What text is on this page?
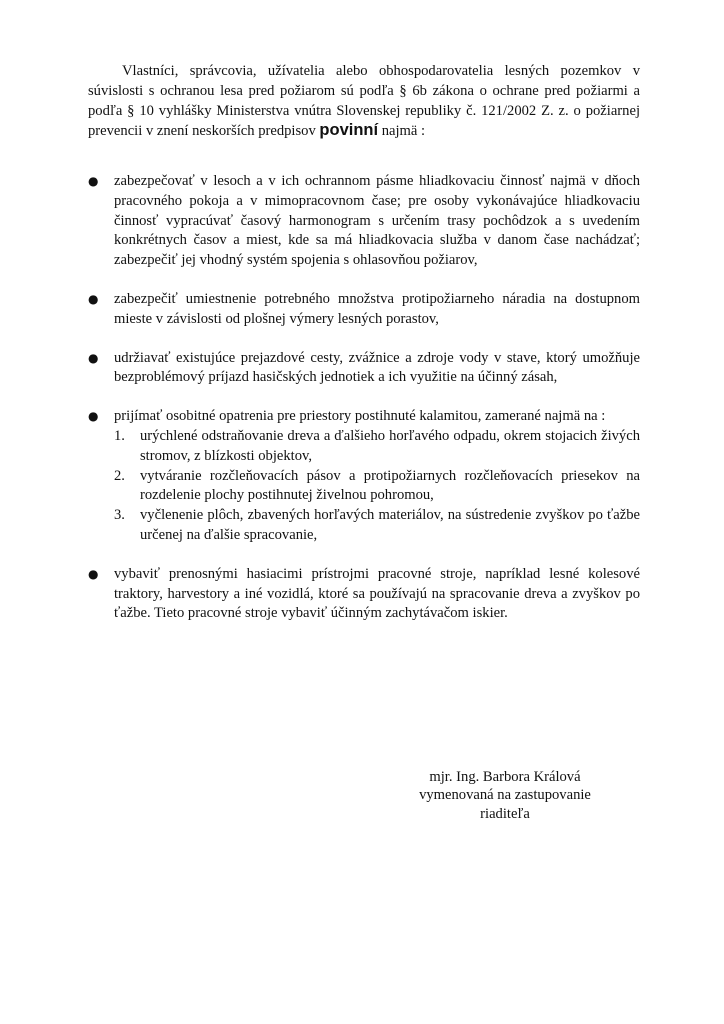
Vlastníci, správcovia, užívatelia alebo obhospodarovatelia lesných pozemkov v súvislosti s ochranou lesa pred požiarom sú podľa § 6b zákona o ochrane pred požiarmi a podľa § 10 vyhlášky Ministerstva vnútra Slovenskej republiky č. 121/2002 Z. z. o požiarnej prevencii v znení neskorších predpisov povinní najmä :

● zabezpečovať v lesoch a v ich ochrannom pásme hliadkovaciu činnosť najmä v dňoch pracovného pokoja a v mimopracovnom čase; pre osoby vykonávajúce hliadkovaciu činnosť vypracúvať časový harmonogram s určením trasy pochôdzok a s uvedením konkrétnych časov a miest, kde sa má hliadkovacia služba v danom čase nachádzať; zabezpečiť jej vhodný systém spojenia s ohlasovňou požiarov,
● zabezpečiť umiestnenie potrebného množstva protipožiarneho náradia na dostupnom mieste v závislosti od plošnej výmery lesných porastov,
● udržiavať existujúce prejazdové cesty, zvážnice a zdroje vody v stave, ktorý umožňuje bezproblémový príjazd hasičských jednotiek a ich využitie na účinný zásah,
● prijímať osobitné opatrenia pre priestory postihnuté kalamitou, zamerané najmä na :
1. urýchlené odstraňovanie dreva a ďalšieho horľavého odpadu, okrem stojacich živých stromov, z blízkosti objektov,
2. vytváranie rozčleňovacích pásov a protipožiarnych rozčleňovacích priesekov na rozdelenie plochy postihnutej živelnou pohromou,
3. vyčlenenie plôch, zbavených horľavých materiálov, na sústredenie zvyškov po ťažbe určenej na ďalšie spracovanie,
● vybaviť prenosnými hasiacimi prístrojmi pracovné stroje, napríklad lesné kolesové traktory, harvestory a iné vozidlá, ktoré sa používajú na spracovanie dreva a zvyškov po ťažbe. Tieto pracovné stroje vybaviť účinným zachytávačom iskier.
mjr. Ing. Barbora Králová
vymenovaná na zastupovanie
riaditeľa
